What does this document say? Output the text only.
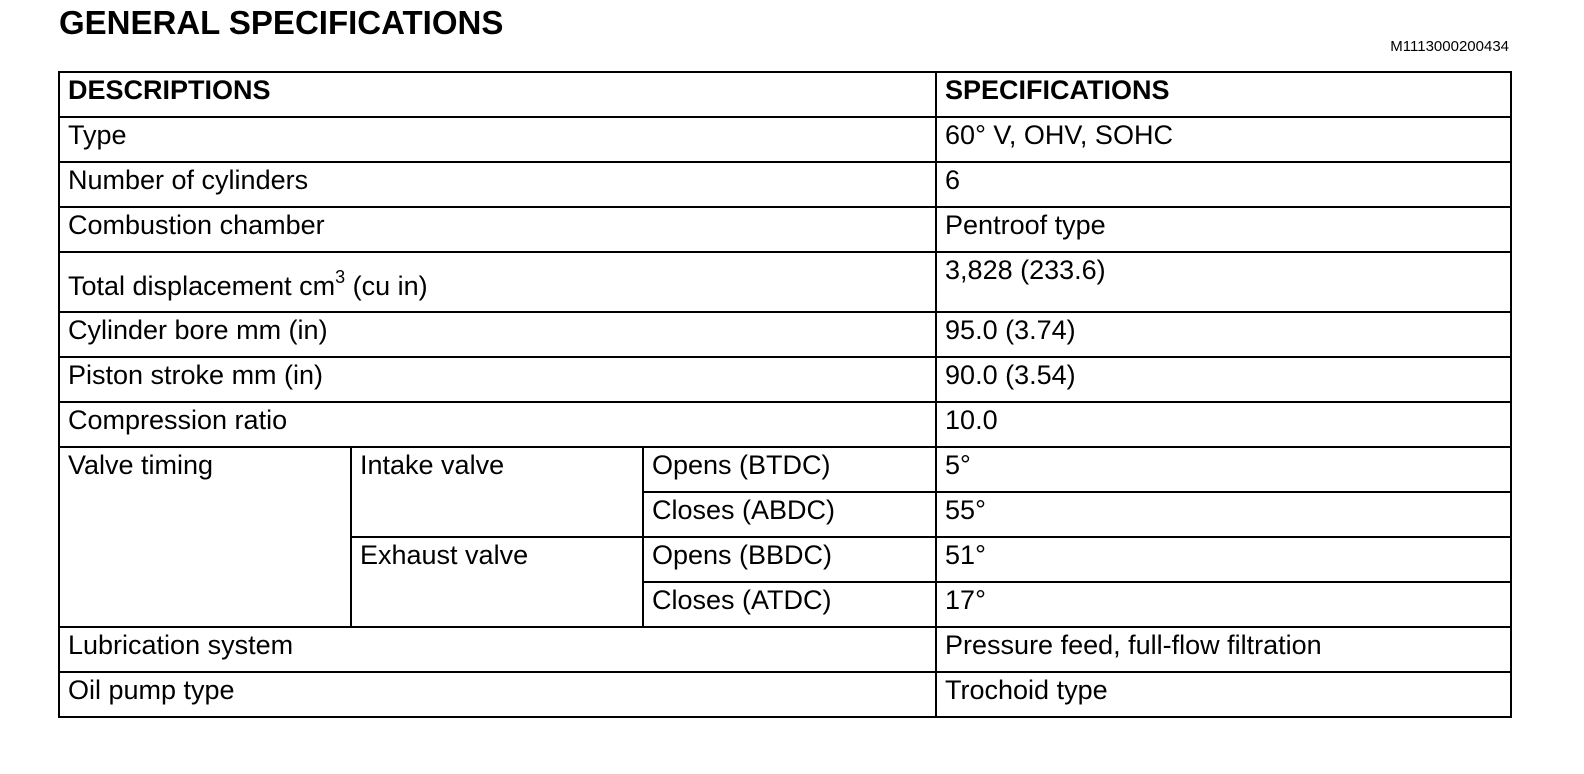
GENERAL SPECIFICATIONS
M1113000200434
DESCRIPTIONS			SPECIFICATIONS
Type			60° V, OHV, SOHC
Number of cylinders			6
Combustion chamber			Pentroof type
Total displacement $cm^3$ (cu in)			3,828 (233.6)
Cylinder bore mm (in)			95.0 (3.74)
Piston stroke mm (in)			90.0 (3.54)
Compression ratio			10.0
Valve timing	Intake valve	Opens (BTDC)	5°
		Closes (ABDC)	55°
	Exhaust valve	Opens (BBDC)	51°
		Closes (ATDC)	17°
Lubrication system			Pressure feed, full-flow filtration
Oil pump type			Trochoid type
